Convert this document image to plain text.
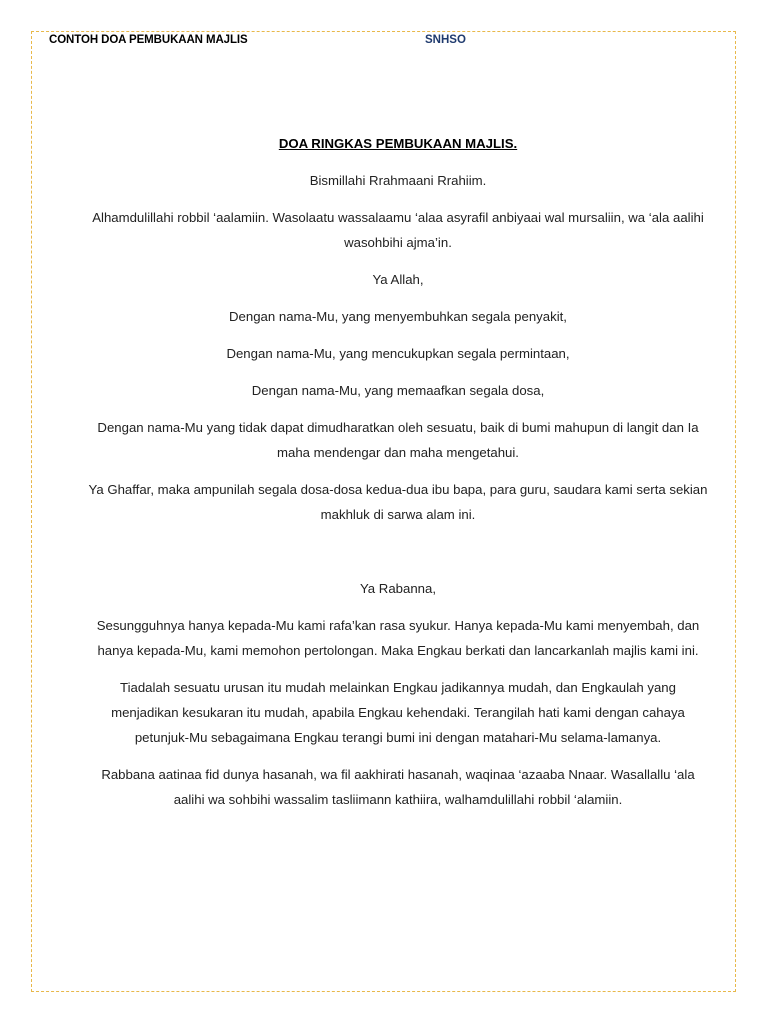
CONTOH DOA PEMBUKAAN MAJLIS	SNHSO

DOA RINGKAS PEMBUKAAN MAJLIS.

Bismillahi Rrahmaani Rrahiim.

Alhamdulillahi robbil ‘aalamiin. Wasolaatu wassalaamu ‘alaa asyrafil anbiyaai wal mursaliin, wa ‘ala aalihi wasohbihi ajma’in.

Ya Allah,

Dengan nama-Mu, yang menyembuhkan segala penyakit,

Dengan nama-Mu, yang mencukupkan segala permintaan,

Dengan nama-Mu, yang memaafkan segala dosa,

Dengan nama-Mu yang tidak dapat dimudharatkan oleh sesuatu, baik di bumi mahupun di langit dan Ia maha mendengar dan maha mengetahui.

Ya Ghaffar, maka ampunilah segala dosa-dosa kedua-dua ibu bapa, para guru, saudara kami serta sekian makhluk di sarwa alam ini.

Ya Rabanna,

Sesungguhnya hanya kepada-Mu kami rafa’kan rasa syukur. Hanya kepada-Mu kami menyembah, dan hanya kepada-Mu, kami memohon pertolongan. Maka Engkau berkati dan lancarkanlah majlis kami ini.

Tiadalah sesuatu urusan itu mudah melainkan Engkau jadikannya mudah, dan Engkaulah yang menjadikan kesukaran itu mudah, apabila Engkau kehendaki. Terangilah hati kami dengan cahaya petunjuk-Mu sebagaimana Engkau terangi bumi ini dengan matahari-Mu selama-lamanya.

Rabbana aatinaa fid dunya hasanah, wa fil aakhirati hasanah, waqinaa ‘azaaba Nnaar. Wasallallu ‘ala aalihi wa sohbihi wassalim tasliimann kathiira, walhamdulillahi robbil ‘alamiin.
